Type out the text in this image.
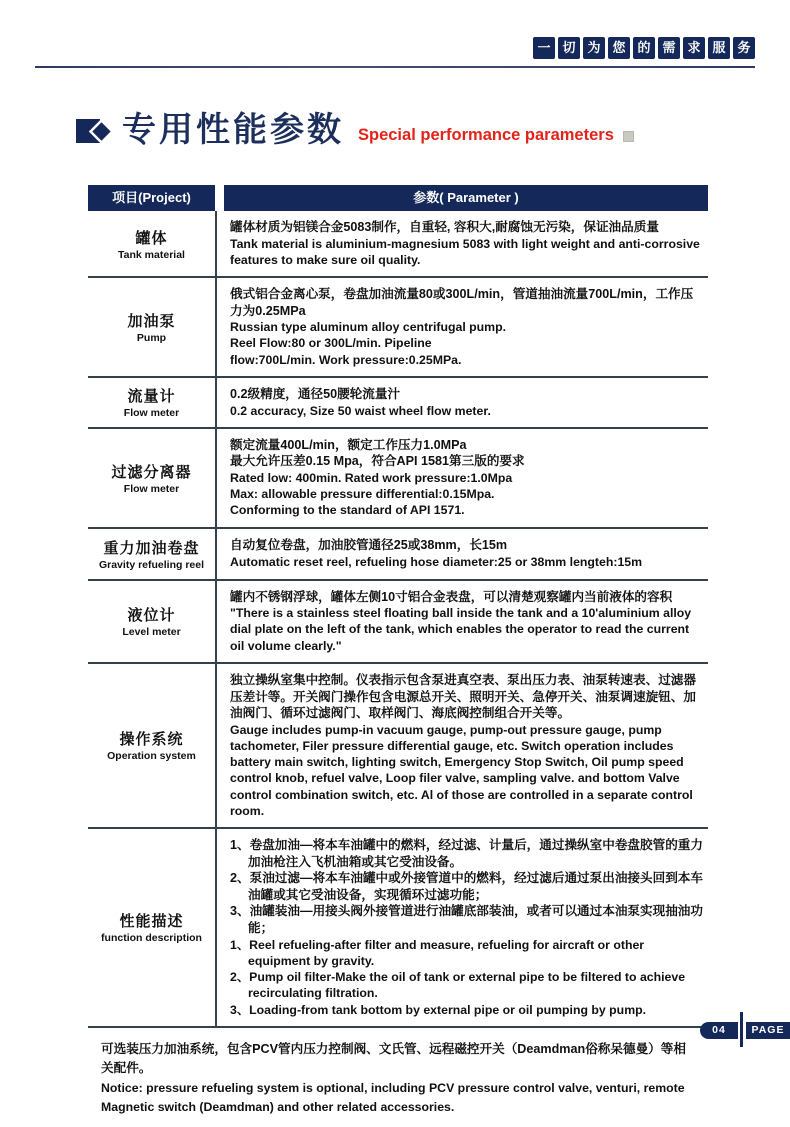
一 切 为 您 的 需 求 服 务
专用性能参数 Special performance parameters
项目(Project)	参数( Parameter )
罐体
Tank material
罐体材质为铝镁合金5083制作，自重轻, 容积大,耐腐蚀无污染，保证油品质量
Tank material is aluminium-magnesium 5083 with light weight and anti-corrosive features to make sure oil quality.
加油泵
Pump
俄式铝合金离心泵，卷盘加油流量80或300L/min，管道抽油流量700L/min，工作压力为0.25MPa
Russian type aluminum alloy centrifugal pump.
Reel Flow:80 or 300L/min. Pipeline
flow:700L/min. Work pressure:0.25MPa.
流量计
Flow meter
0.2级精度，通径50腰轮流量汁
0.2 accuracy, Size 50 waist wheel flow meter.
过滤分离器
Flow meter
额定流量400L/min，额定工作压力1.0MPa
最大允许压差0.15 Mpa，符合API 1581第三版的要求
Rated low: 400min. Rated work pressure:1.0Mpa
Max: allowable pressure differential:0.15Mpa.
Conforming to the standard of API 1571.
重力加油卷盘
Gravity refueling reel
自动复位卷盘，加油胶管通径25或38mm，长15m
Automatic reset reel, refueling hose diameter:25 or 38mm lengteh:15m
液位计
Level meter
罐内不锈钢浮球，罐体左侧10寸铝合金表盘，可以清楚观察罐内当前液体的容积
"There is a stainless steel floating ball inside the tank and a 10'aluminium alloy dial plate on the left of the tank, which enables the operator to read the current oil volume clearly."
操作系统
Operation system
独立操纵室集中控制。仪表指示包含泵进真空表、泵出压力表、油泵转速表、过滤器压差计等。开关阀门操作包含电源总开关、照明开关、急停开关、油泵调速旋钮、加油阀门、循环过滤阀门、取样阀门、海底阀控制组合开关等。
Gauge includes pump-in vacuum gauge, pump-out pressure gauge, pump tachometer, Filer pressure differential gauge, etc. Switch operation includes battery main switch, lighting switch, Emergency Stop Switch, Oil pump speed control knob, refuel valve, Loop filer valve, sampling valve. and bottom Valve control combination switch, etc. Al of those are controlled in a separate control room.
性能描述
function description
1、卷盘加油—将本车油罐中的燃料，经过滤、计量后，通过操纵室中卷盘胶管的重力加油枪注入飞机油箱或其它受油设备。
2、泵油过滤—将本车油罐中或外接管道中的燃料，经过滤后通过泵出油接头回到本车油罐或其它受油设备，实现循环过滤功能；
3、油罐装油—用接头阀外接管道进行油罐底部装油，或者可以通过本油泵实现抽油功能；
1、Reel refueling-after filter and measure, refueling for aircraft or other equipment by gravity.
2、Pump oil filter-Make the oil of tank or external pipe to be filtered to achieve recirculating filtration.
3、Loading-from tank bottom by external pipe or oil pumping by pump.
可选装压力加油系统，包含PCV管内压力控制阀、文氏管、远程磁控开关（Deamdman俗称呆德曼）等相关配件。
Notice: pressure refueling system is optional, including PCV pressure control valve, venturi, remote Magnetic switch (Deamdman) and other related accessories.
04	PAGE
